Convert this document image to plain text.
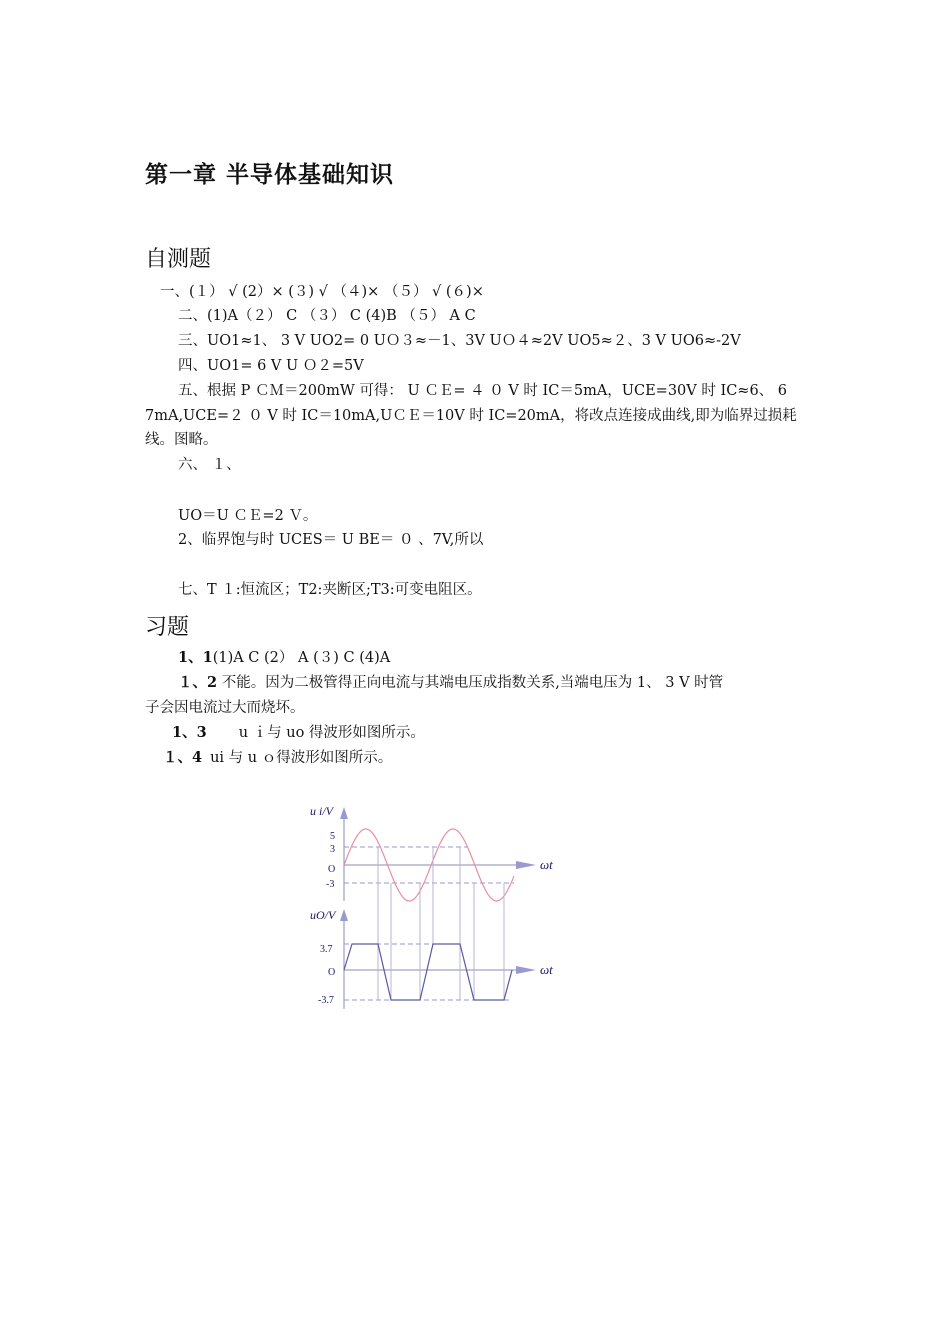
第一章 半导体基础知识
自测题
一、(１） √ (2）× (３) √ （４)× （５） √ (６)×
二、(1)A（２） C （３） C (4)B （５） A C
三、UO1≈1、 3 V UO2= 0 UＯ３≈－1、3V UＯ４≈2V UO5≈２、3 V UO6≈-2V
四、UO1= 6 V U Ｏ２=5V
五、根据 P ＣＭ＝200mW 可得： U ＣＥ= ４ ０ V 时 IC＝5mA，UCE=30V 时 IC≈6、 6
7mA,UCE=２ ０ V 时 IC＝10mA,UＣＥ＝10V 时 IC=20mA，将改点连接成曲线,即为临界过损耗
线。图略。
六、 １、
UO＝U ＣＥ=2 Ｖ。
2、临界饱与时 UCES＝ U BE＝ ０ 、7V,所以
七、T １:恒流区；T2:夹断区;T3:可变电阻区。
习题
1、1(1)A C (2） A (３) C (4)A
１、2 不能。因为二极管得正向电流与其端电压成指数关系,当端电压为 1、 3 V 时管
子会因电流过大而烧坏。
1、3 u ｉ与 uo 得波形如图所示。
１、4 ui 与 u ｏ得波形如图所示。
u i/V
5
3
O
-3
ωt
uO/V
3.7
O
-3.7
ωt
